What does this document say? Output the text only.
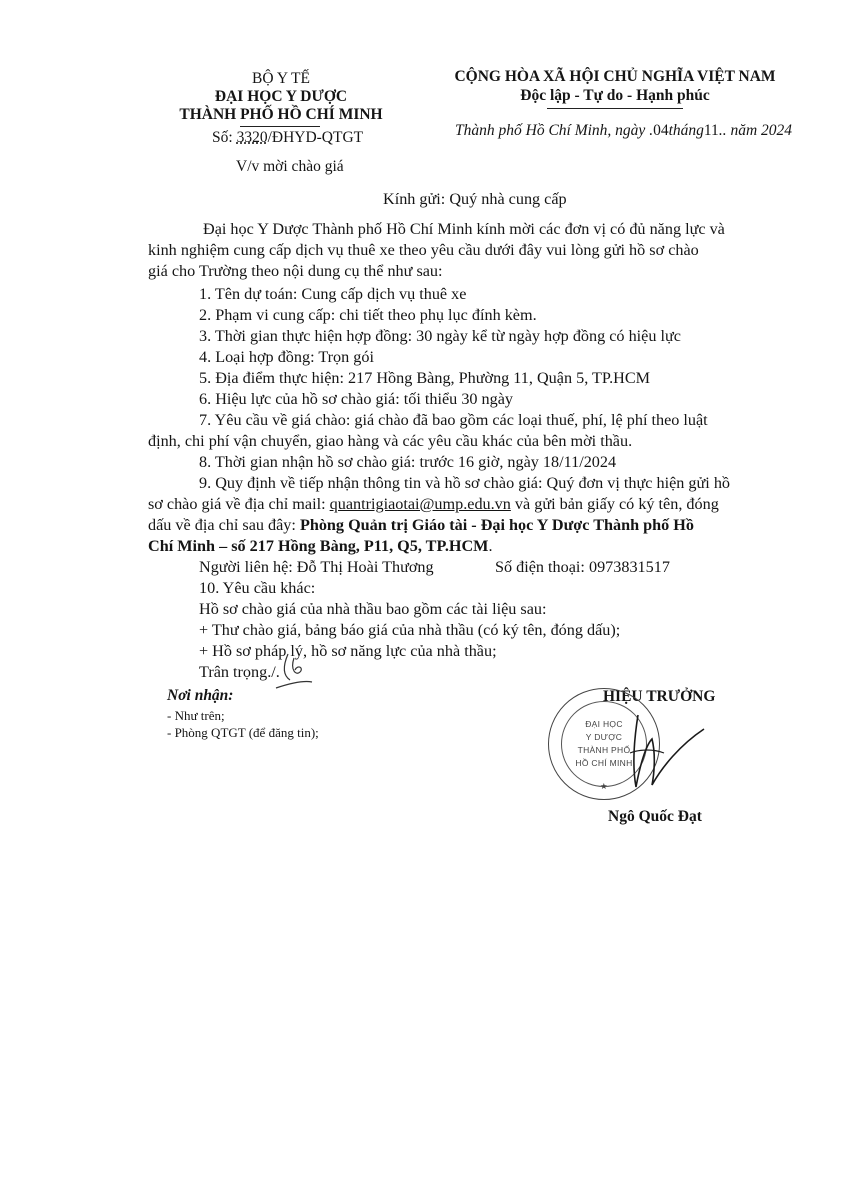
BỘ Y TẾ
ĐẠI HỌC Y DƯỢC
THÀNH PHỐ HỒ CHÍ MINH
Số: 3320/ĐHYD-QTGT
V/v mời chào giá
CỘNG HÒA XÃ HỘI CHỦ NGHĨA VIỆT NAM
Độc lập - Tự do - Hạnh phúc
Thành phố Hồ Chí Minh, ngày .04tháng11.. năm 2024
Kính gửi: Quý nhà cung cấp
Đại học Y Dược Thành phố Hồ Chí Minh kính mời các đơn vị có đủ năng lực và
kinh nghiệm cung cấp dịch vụ thuê xe theo yêu cầu dưới đây vui lòng gửi hồ sơ chào
giá cho Trường theo nội dung cụ thể như sau:
1. Tên dự toán: Cung cấp dịch vụ thuê xe
2. Phạm vi cung cấp: chi tiết theo phụ lục đính kèm.
3. Thời gian thực hiện hợp đồng: 30 ngày kể từ ngày hợp đồng có hiệu lực
4. Loại hợp đồng: Trọn gói
5. Địa điểm thực hiện: 217 Hồng Bàng, Phường 11, Quận 5, TP.HCM
6. Hiệu lực của hồ sơ chào giá: tối thiểu 30 ngày
7. Yêu cầu về giá chào: giá chào đã bao gồm các loại thuế, phí, lệ phí theo luật
định, chi phí vận chuyển, giao hàng và các yêu cầu khác của bên mời thầu.
8. Thời gian nhận hồ sơ chào giá: trước 16 giờ, ngày 18/11/2024
9. Quy định về tiếp nhận thông tin và hồ sơ chào giá: Quý đơn vị thực hiện gửi hồ
sơ chào giá về địa chỉ mail: quantrigiaotai@ump.edu.vn và gửi bản giấy có ký tên, đóng
dấu về địa chỉ sau đây: Phòng Quản trị Giáo tài - Đại học Y Dược Thành phố Hồ
Chí Minh – số 217 Hồng Bàng, P11, Q5, TP.HCM.
Người liên hệ: Đỗ Thị Hoài Thương	Số điện thoại: 0973831517
10. Yêu cầu khác:
Hồ sơ chào giá của nhà thầu bao gồm các tài liệu sau:
+ Thư chào giá, bảng báo giá của nhà thầu (có ký tên, đóng dấu);
+ Hồ sơ pháp lý, hồ sơ năng lực của nhà thầu;
Trân trọng./.
Nơi nhận:
- Như trên;
- Phòng QTGT (để đăng tin);
HIỆU TRƯỞNG
ĐẠI HỌC
Y DƯỢC
THÀNH PHỐ
HỒ CHÍ MINH
★
Ngô Quốc Đạt
